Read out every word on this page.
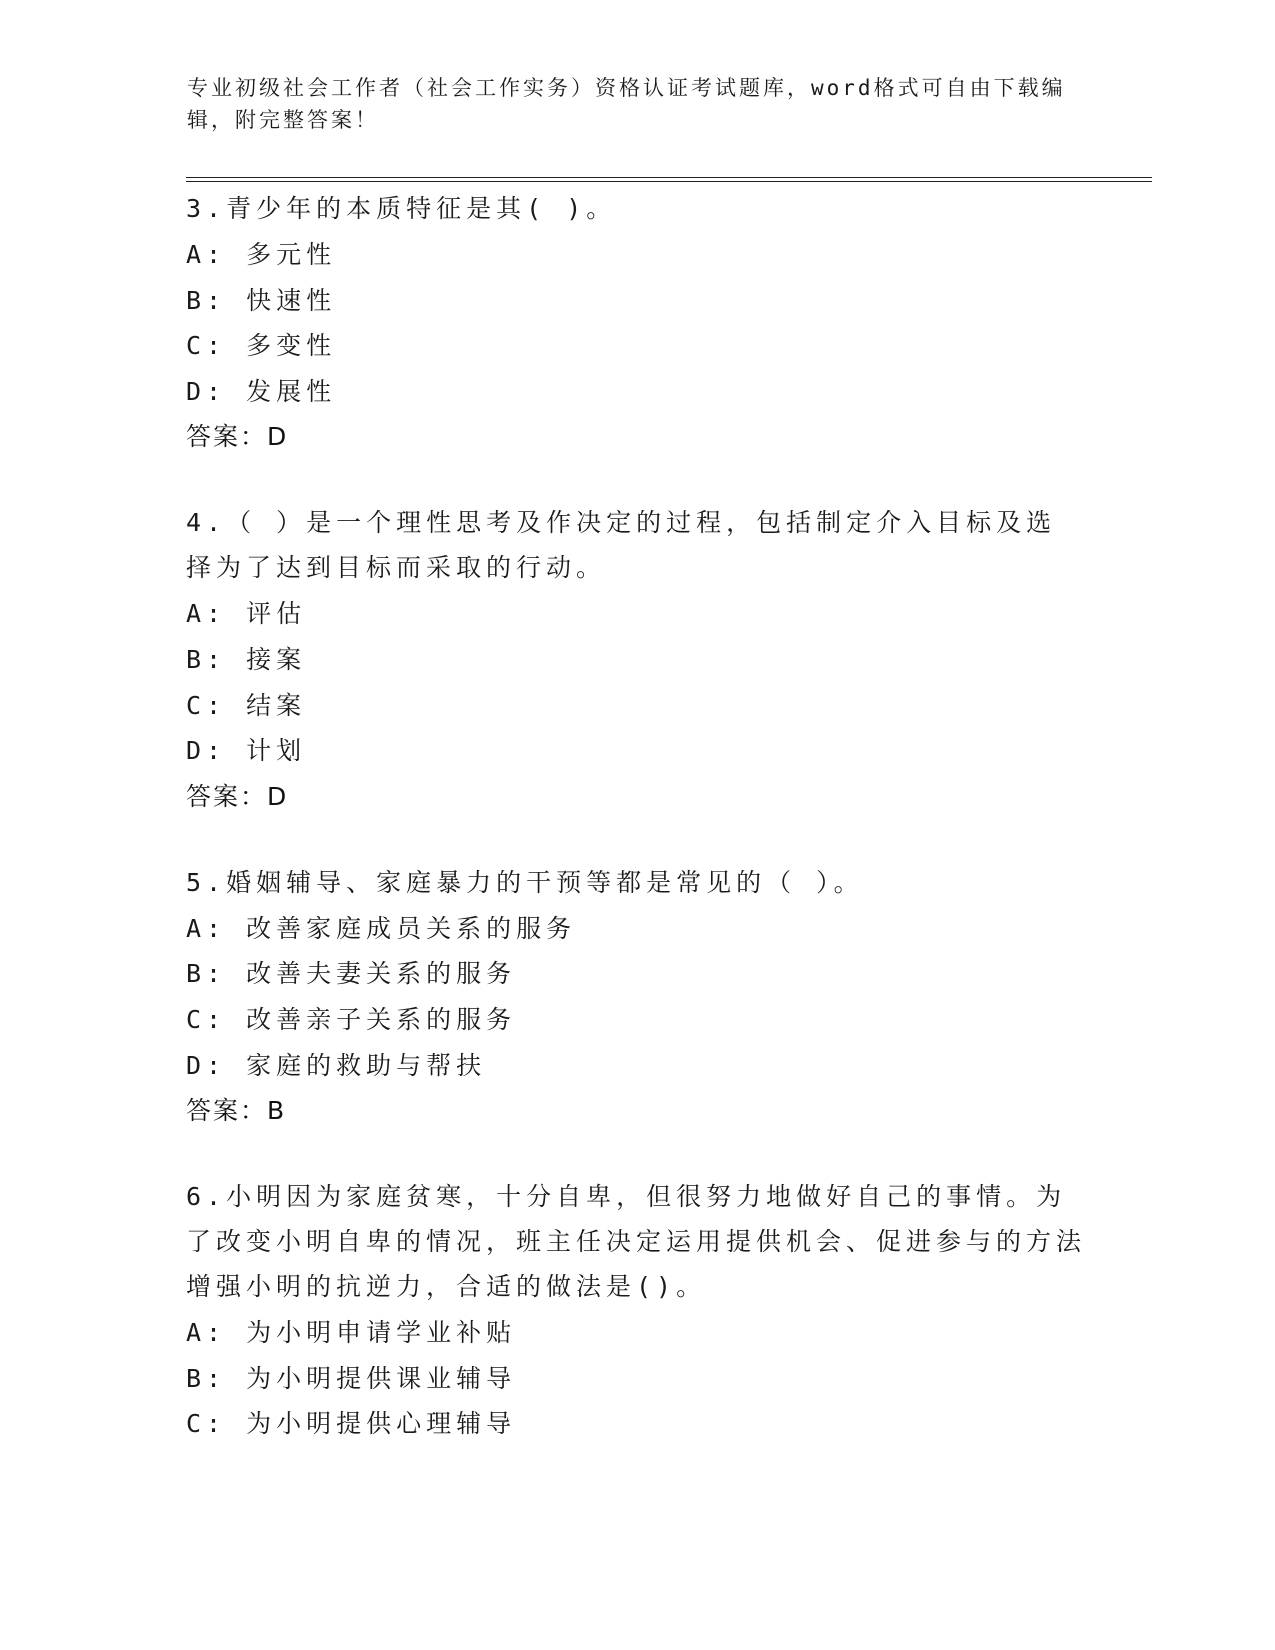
专业初级社会工作者（社会工作实务）资格认证考试题库，word格式可自由下载编辑，附完整答案！
3.青少年的本质特征是其( )。
A: 多元性
B: 快速性
C: 多变性
D: 发展性
答案：D
4.（ ）是一个理性思考及作决定的过程，包括制定介入目标及选择为了达到目标而采取的行动。
A: 评估
B: 接案
C: 结案
D: 计划
答案：D
5.婚姻辅导、家庭暴力的干预等都是常见的（ ）。
A: 改善家庭成员关系的服务
B: 改善夫妻关系的服务
C: 改善亲子关系的服务
D: 家庭的救助与帮扶
答案：B
6.小明因为家庭贫寒，十分自卑，但很努力地做好自己的事情。为了改变小明自卑的情况，班主任决定运用提供机会、促进参与的方法增强小明的抗逆力，合适的做法是()。
A: 为小明申请学业补贴
B: 为小明提供课业辅导
C: 为小明提供心理辅导
